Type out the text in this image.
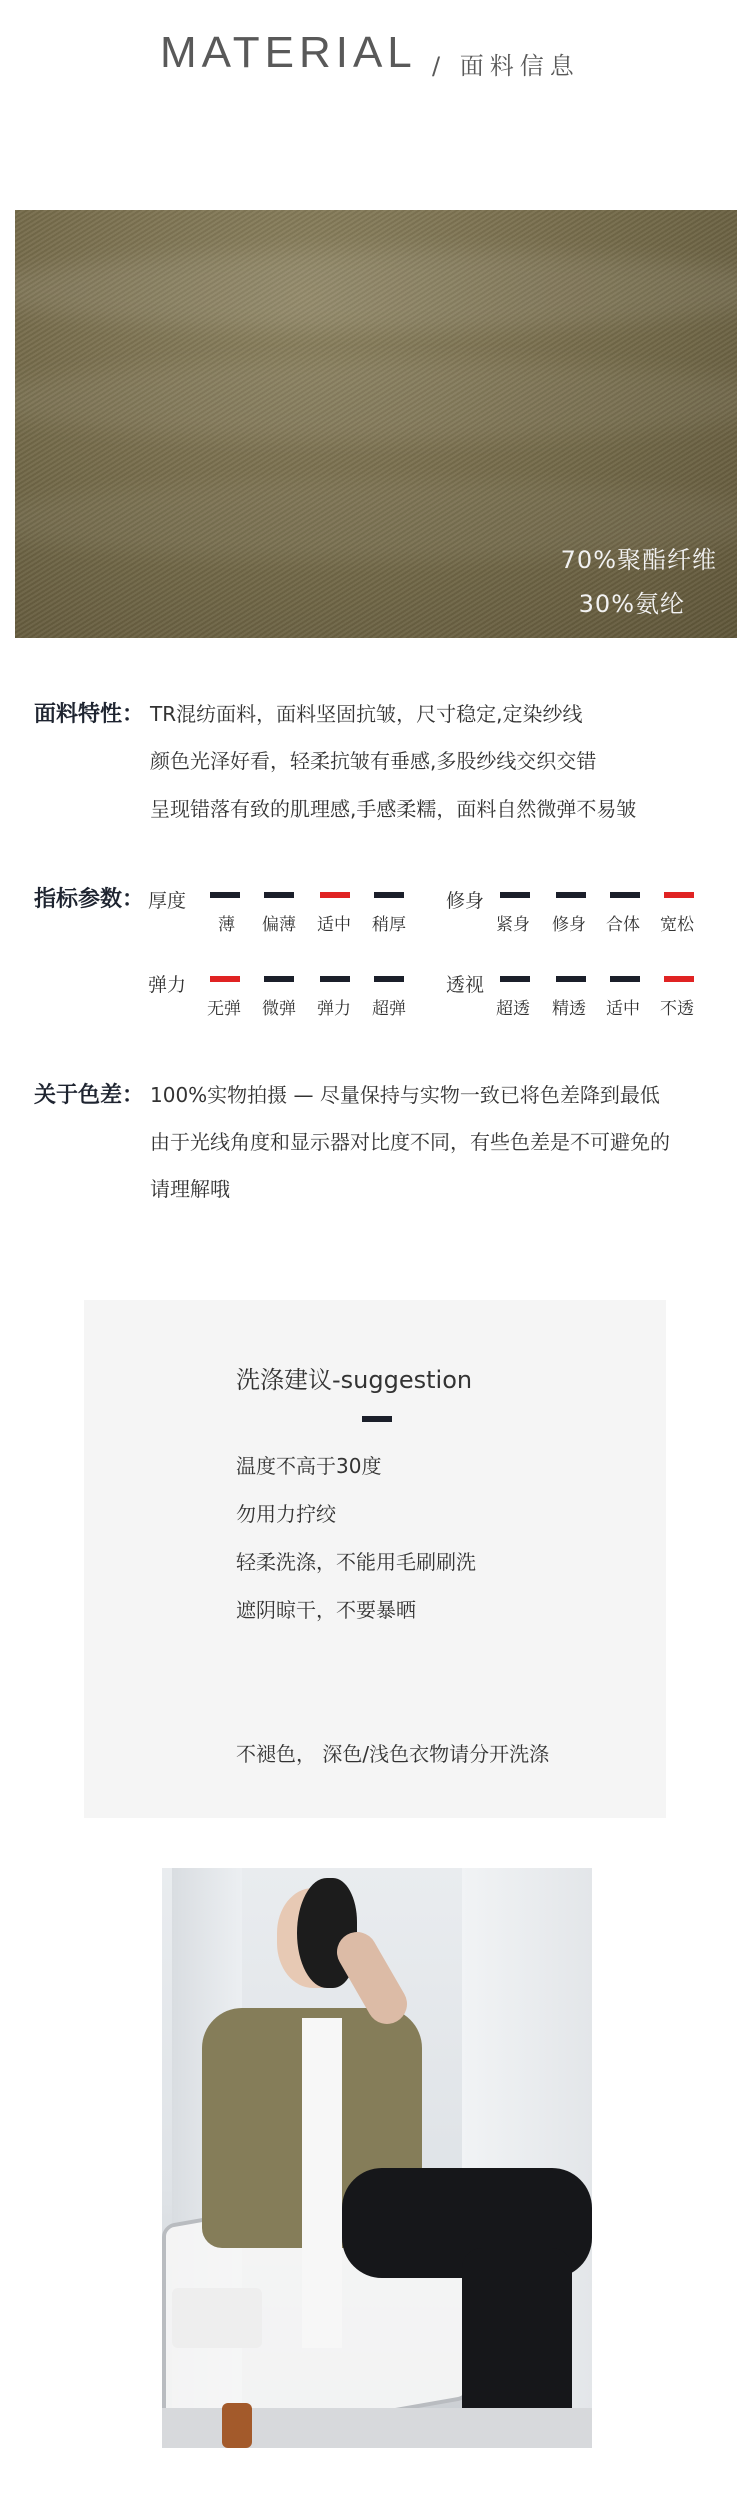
MATERIAL / 面料信息
70%聚酯纤维
30%氨纶
面料特性： TR混纺面料，面料坚固抗皱，尺寸稳定,定染纱线
颜色光泽好看，轻柔抗皱有垂感,多股纱线交织交错
呈现错落有致的肌理感,手感柔糯，面料自然微弹不易皱
指标参数： 厚度
薄 偏薄 适中 稍厚
修身
紧身 修身 合体 宽松
弹力
无弹 微弹 弹力 超弹
透视
超透 精透 适中 不透
关于色差： 100%实物拍摄 — 尽量保持与实物一致已将色差降到最低
由于光线角度和显示器对比度不同，有些色差是不可避免的
请理解哦
洗涤建议-suggestion
温度不高于30度
勿用力拧绞
轻柔洗涤，不能用毛刷刷洗
遮阴晾干，不要暴晒
不褪色， 深色/浅色衣物请分开洗涤
